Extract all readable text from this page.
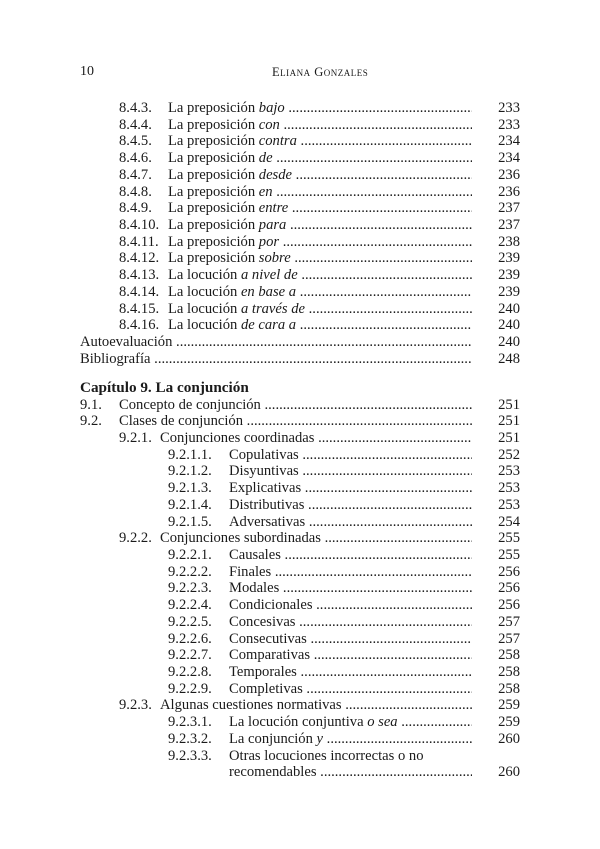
10	Eliana Gonzales
8.4.3. La preposición bajo .....	233
8.4.4. La preposición con .....	233
8.4.5. La preposición contra .....	234
8.4.6. La preposición de .....	234
8.4.7. La preposición desde .....	236
8.4.8. La preposición en .....	236
8.4.9. La preposición entre .....	237
8.4.10. La preposición para .....	237
8.4.11. La preposición por .....	238
8.4.12. La preposición sobre .....	239
8.4.13. La locución a nivel de .....	239
8.4.14. La locución en base a .....	239
8.4.15. La locución a través de .....	240
8.4.16. La locución de cara a .....	240
Autoevaluación .....	240
Bibliografía .....	248
Capítulo 9. La conjunción
9.1. Concepto de conjunción .....	251
9.2. Clases de conjunción .....	251
9.2.1. Conjunciones coordinadas .....	251
9.2.1.1. Copulativas .....	252
9.2.1.2. Disyuntivas .....	253
9.2.1.3. Explicativas .....	253
9.2.1.4. Distributivas .....	253
9.2.1.5. Adversativas .....	254
9.2.2. Conjunciones subordinadas .....	255
9.2.2.1. Causales .....	255
9.2.2.2. Finales .....	256
9.2.2.3. Modales .....	256
9.2.2.4. Condicionales .....	256
9.2.2.5. Concesivas .....	257
9.2.2.6. Consecutivas .....	257
9.2.2.7. Comparativas .....	258
9.2.2.8. Temporales .....	258
9.2.2.9. Completivas .....	258
9.2.3. Algunas cuestiones normativas .....	259
9.2.3.1. La locución conjuntiva o sea .....	259
9.2.3.2. La conjunción y .....	260
9.2.3.3. Otras locuciones incorrectas o no
recomendables .....	260
